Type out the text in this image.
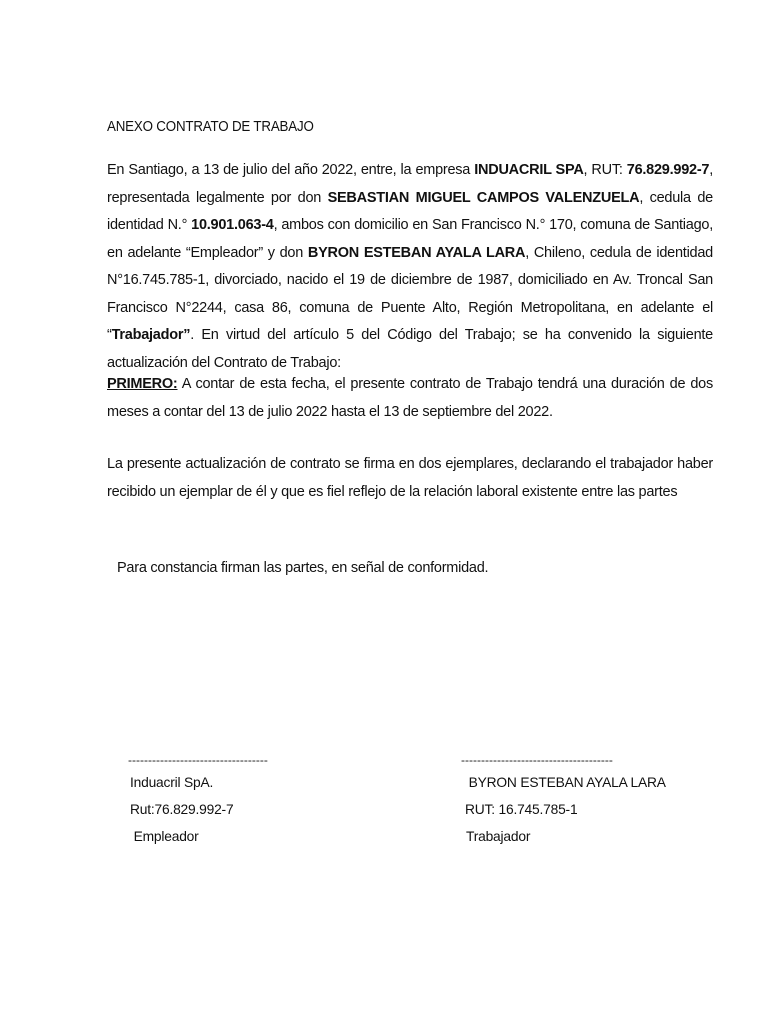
ANEXO CONTRATO DE TRABAJO
En Santiago, a 13 de julio del año 2022, entre, la empresa INDUACRIL SPA, RUT: 76.829.992-7, representada legalmente por don SEBASTIAN MIGUEL CAMPOS VALENZUELA, cedula de identidad N.° 10.901.063-4, ambos con domicilio en San Francisco N.° 170, comuna de Santiago, en adelante “Empleador” y don BYRON ESTEBAN AYALA LARA, Chileno, cedula de identidad N°16.745.785-1, divorciado, nacido el 19 de diciembre de 1987, domiciliado en Av. Troncal San Francisco N°2244, casa 86, comuna de Puente Alto, Región Metropolitana, en adelante el “Trabajador”. En virtud del artículo 5 del Código del Trabajo; se ha convenido la siguiente actualización del Contrato de Trabajo:
PRIMERO: A contar de esta fecha, el presente contrato de Trabajo tendrá una duración de dos meses a contar del 13 de julio 2022 hasta el 13 de septiembre del 2022.
La presente actualización de contrato se firma en dos ejemplares, declarando el trabajador haber recibido un ejemplar de él y que es fiel reflejo de la relación laboral existente entre las partes
Para constancia firman las partes, en señal de conformidad.
-----------------------------------
Induacril SpA.
Rut:76.829.992-7
Empleador
--------------------------------------
BYRON ESTEBAN AYALA LARA
RUT: 16.745.785-1
Trabajador
